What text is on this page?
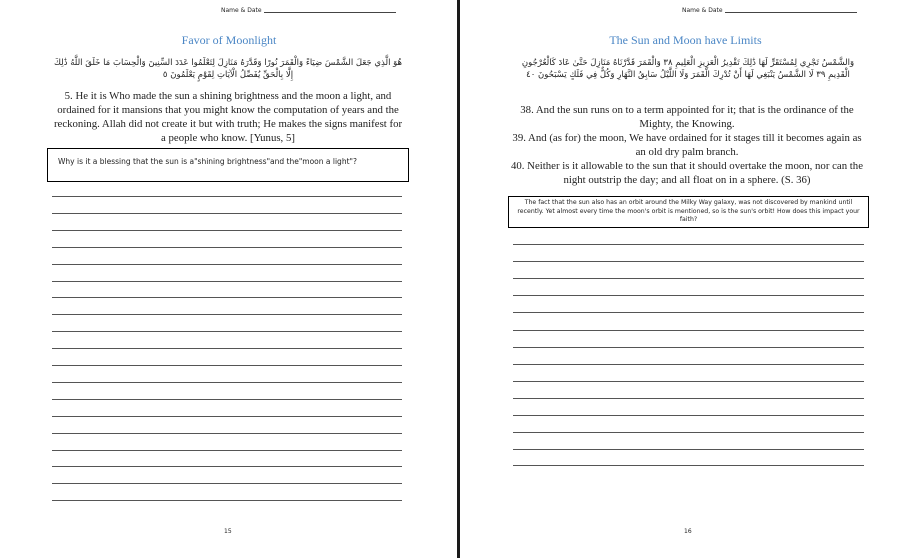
Name & Date
Favor of Moonlight
هُوَ الَّذِي جَعَلَ الشَّمْسَ ضِيَاءً وَالْقَمَرَ نُورًا وَقَدَّرَهُ مَنَازِلَ لِتَعْلَمُوا عَدَدَ السِّنِينَ وَالْحِسَابَ مَا خَلَقَ اللَّهُ ذَٰلِكَ إِلَّا بِالْحَقِّ يُفَصِّلُ الْآيَاتِ لِقَوْمٍ يَعْلَمُونَ ٥

5. He it is Who made the sun a shining brightness and the moon a light, and ordained for it mansions that you might know the computation of years and the reckoning. Allah did not create it but with truth; He makes the signs manifest for a people who know. [Yunus, 5]

Why is it a blessing that the sun is a"shining brightness"and the"moon a light"?
15
Name & Date
The Sun and Moon have Limits
وَالشَّمْسُ تَجْرِي لِمُسْتَقَرٍّ لَهَا ذَٰلِكَ تَقْدِيرُ الْعَزِيزِ الْعَلِيمِ ٣٨ وَالْقَمَرَ قَدَّرْنَاهُ مَنَازِلَ حَتَّىٰ عَادَ كَالْعُرْجُونِ الْقَدِيمِ ٣٩ لَا الشَّمْسُ يَنْبَغِي لَهَا أَنْ تُدْرِكَ الْقَمَرَ وَلَا اللَّيْلُ سَابِقُ النَّهَارِ وَكُلٌّ فِي فَلَكٍ يَسْبَحُونَ ٤٠

38. And the sun runs on to a term appointed for it; that is the ordinance of the Mighty, the Knowing.

39. And (as for) the moon, We have ordained for it stages till it becomes again as an old dry palm branch.

40. Neither is it allowable to the sun that it should overtake the moon, nor can the night outstrip the day; and all float on in a sphere. (S. 36)

The fact that the sun also has an orbit around the Milky Way galaxy, was not discovered by mankind until recently. Yet almost every time the moon's orbit is mentioned, so is the sun's orbit! How does this impact your faith?
16
